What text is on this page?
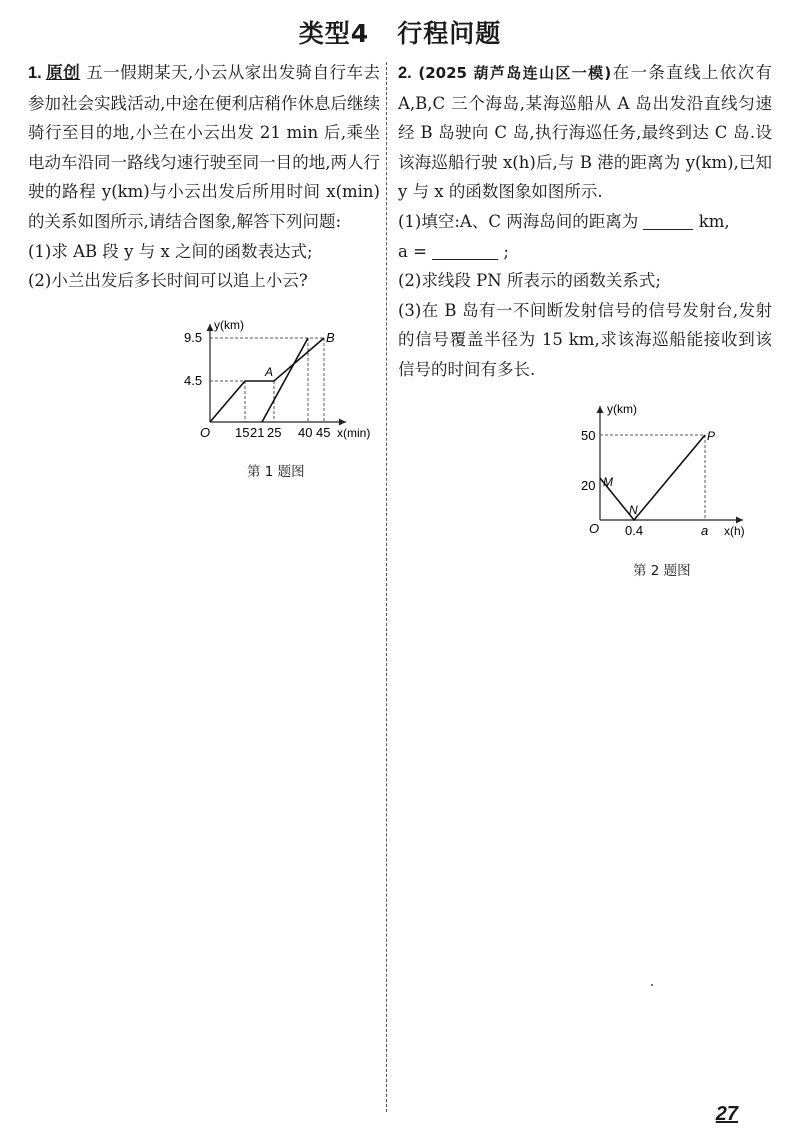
类型4 行程问题

1. 原创 五一假期某天,小云从家出发骑自行车去参加社会实践活动,中途在便利店稍作休息后继续骑行至目的地,小兰在小云出发 21 min 后,乘坐电动车沿同一路线匀速行驶至同一目的地,两人行驶的路程 y(km)与小云出发后所用时间 x(min)的关系如图所示,请结合图象,解答下列问题:

(1)求 AB 段 y 与 x 之间的函数表达式;

(2)小兰出发后多长时间可以追上小云?

y(km)
9.5
4.5
O 15 21 25 40 45 x(min)
A
B
第 1 题图

2. (2025 葫芦岛连山区一模)在一条直线上依次有 A,B,C 三个海岛,某海巡船从 A 岛出发沿直线匀速经 B 岛驶向 C 岛,执行海巡任务,最终到达 C 岛.设该海巡船行驶 x(h)后,与 B 港的距离为 y(km),已知 y 与 x 的函数图象如图所示.

(1)填空:A、C 两海岛间的距离为	km,

a =	;

(2)求线段 PN 所表示的函数关系式;

(3)在 B 岛有一不间断发射信号的信号发射台,发射的信号覆盖半径为 15 km,求该海巡船能接收到该信号的时间有多长.

y(km)
50
20 M
N
P
O 0.4	a x(h)
第 2 题图
27
